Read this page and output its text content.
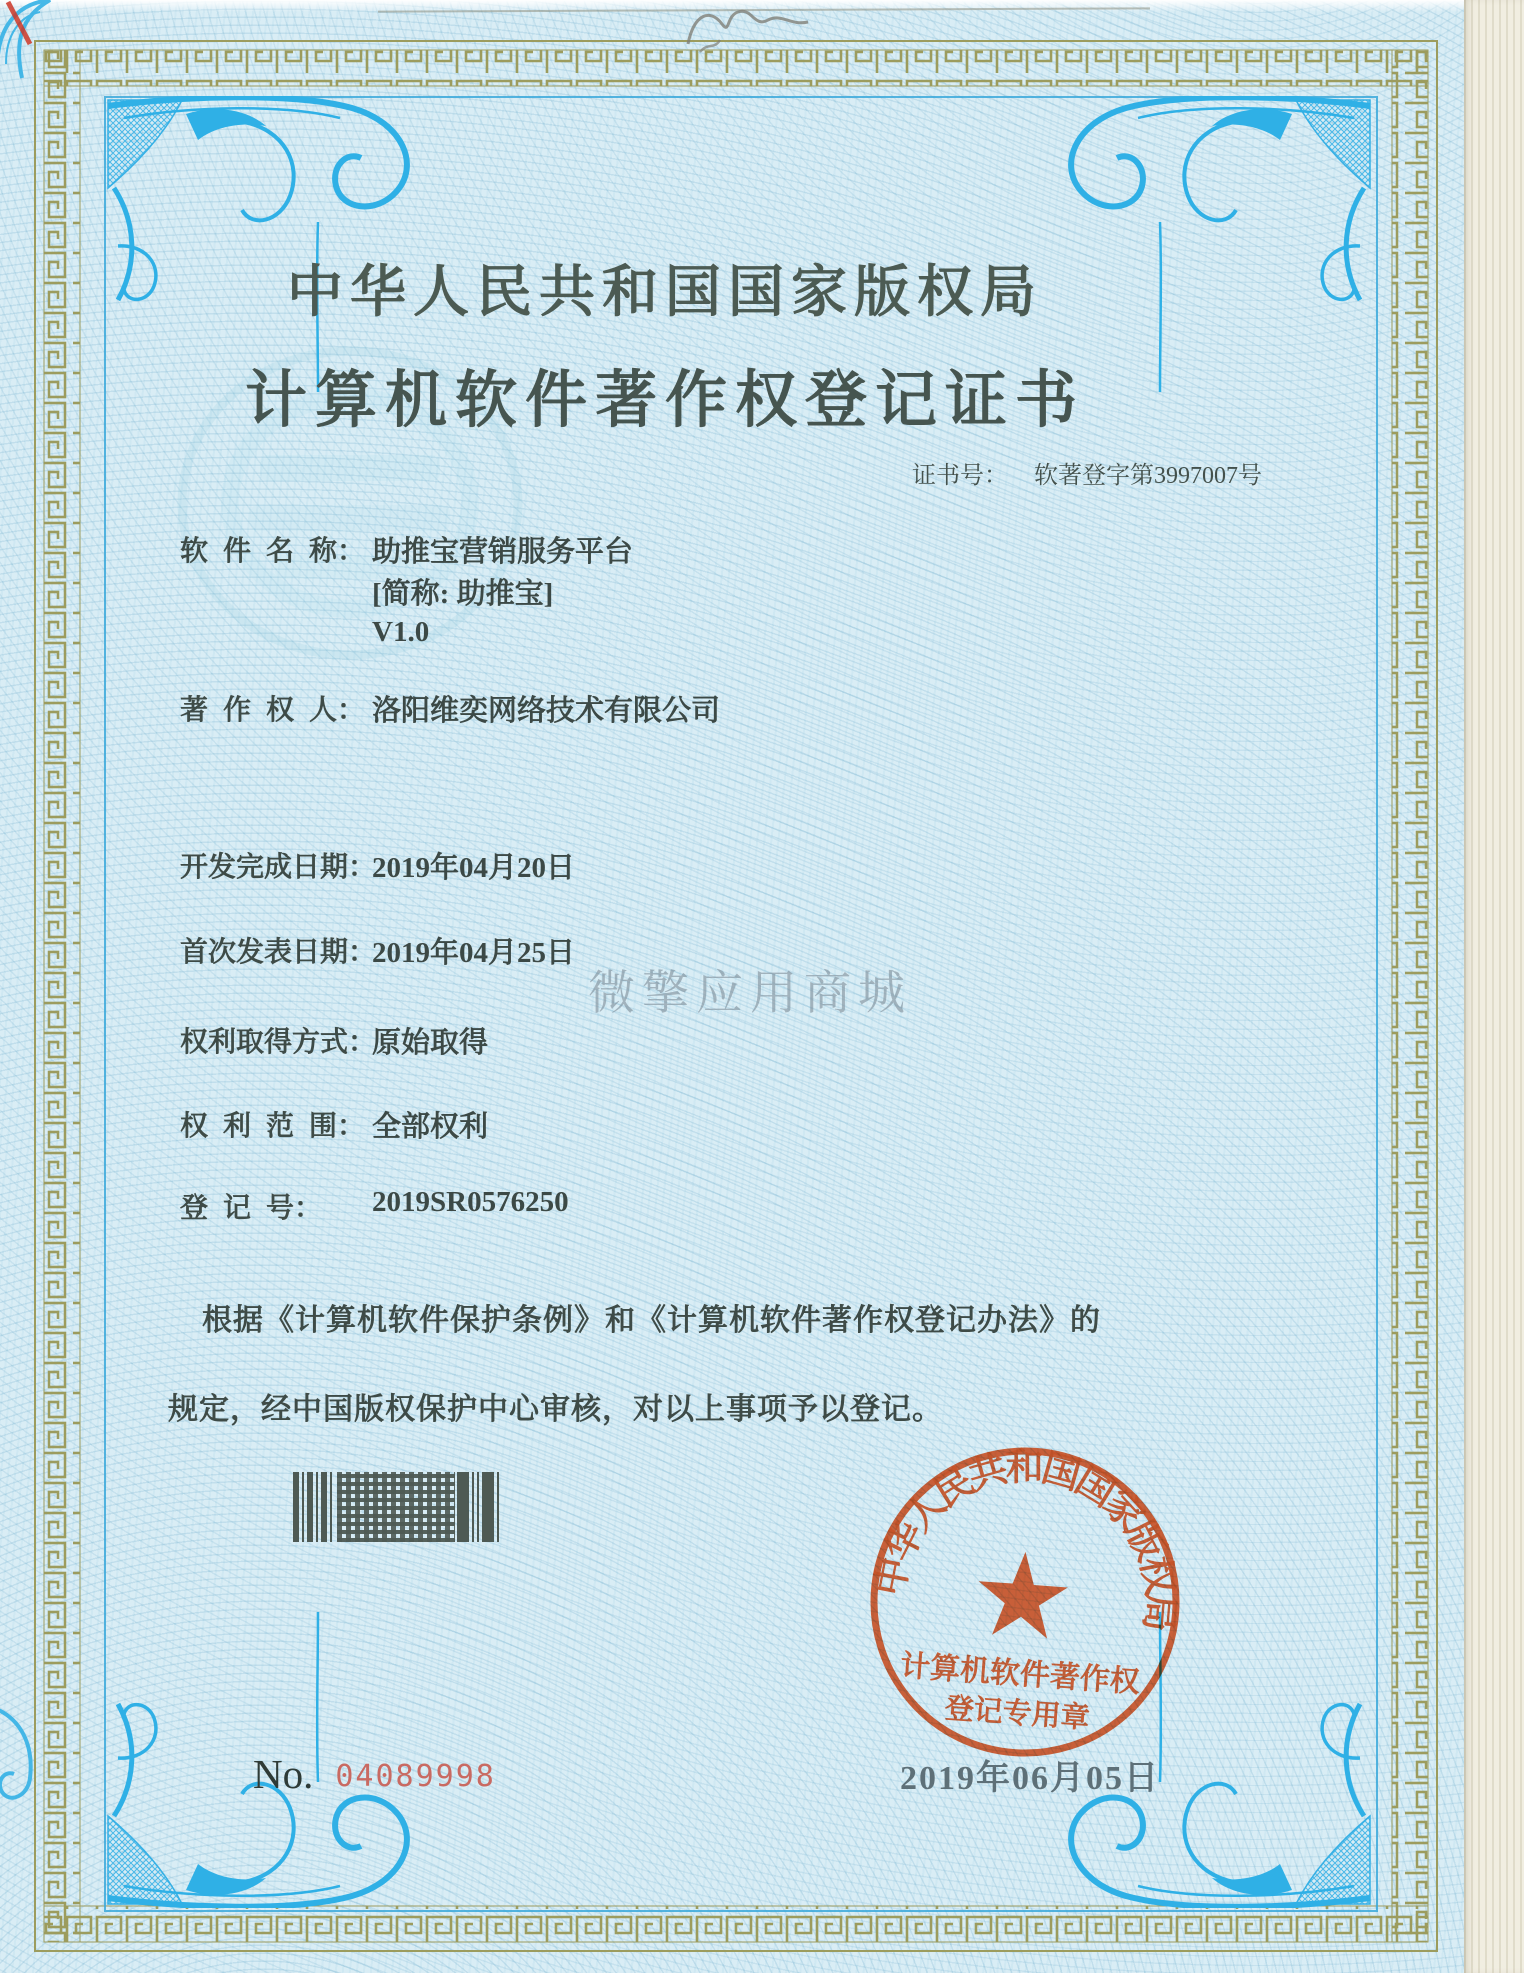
中华人民共和国国家版权局
计算机软件著作权登记证书
证书号： 软著登字第3997007号
软 件 名 称： 助推宝营销服务平台
[简称: 助推宝]
V1.0
著 作 权 人： 洛阳维奕网络技术有限公司
开发完成日期：
2019年04月20日
首次发表日期：
2019年04月25日
权利取得方式：
原始取得
权 利 范 围： 全部权利
登 记 号： 2019SR0576250
微擎应用商城
根据《计算机软件保护条例》和《计算机软件著作权登记办法》的
规定，经中国版权保护中心审核，对以上事项予以登记。
中华人民共和国国家版权局
计算机软件著作权
登记专用章
2019年06月05日
No. 04089998
